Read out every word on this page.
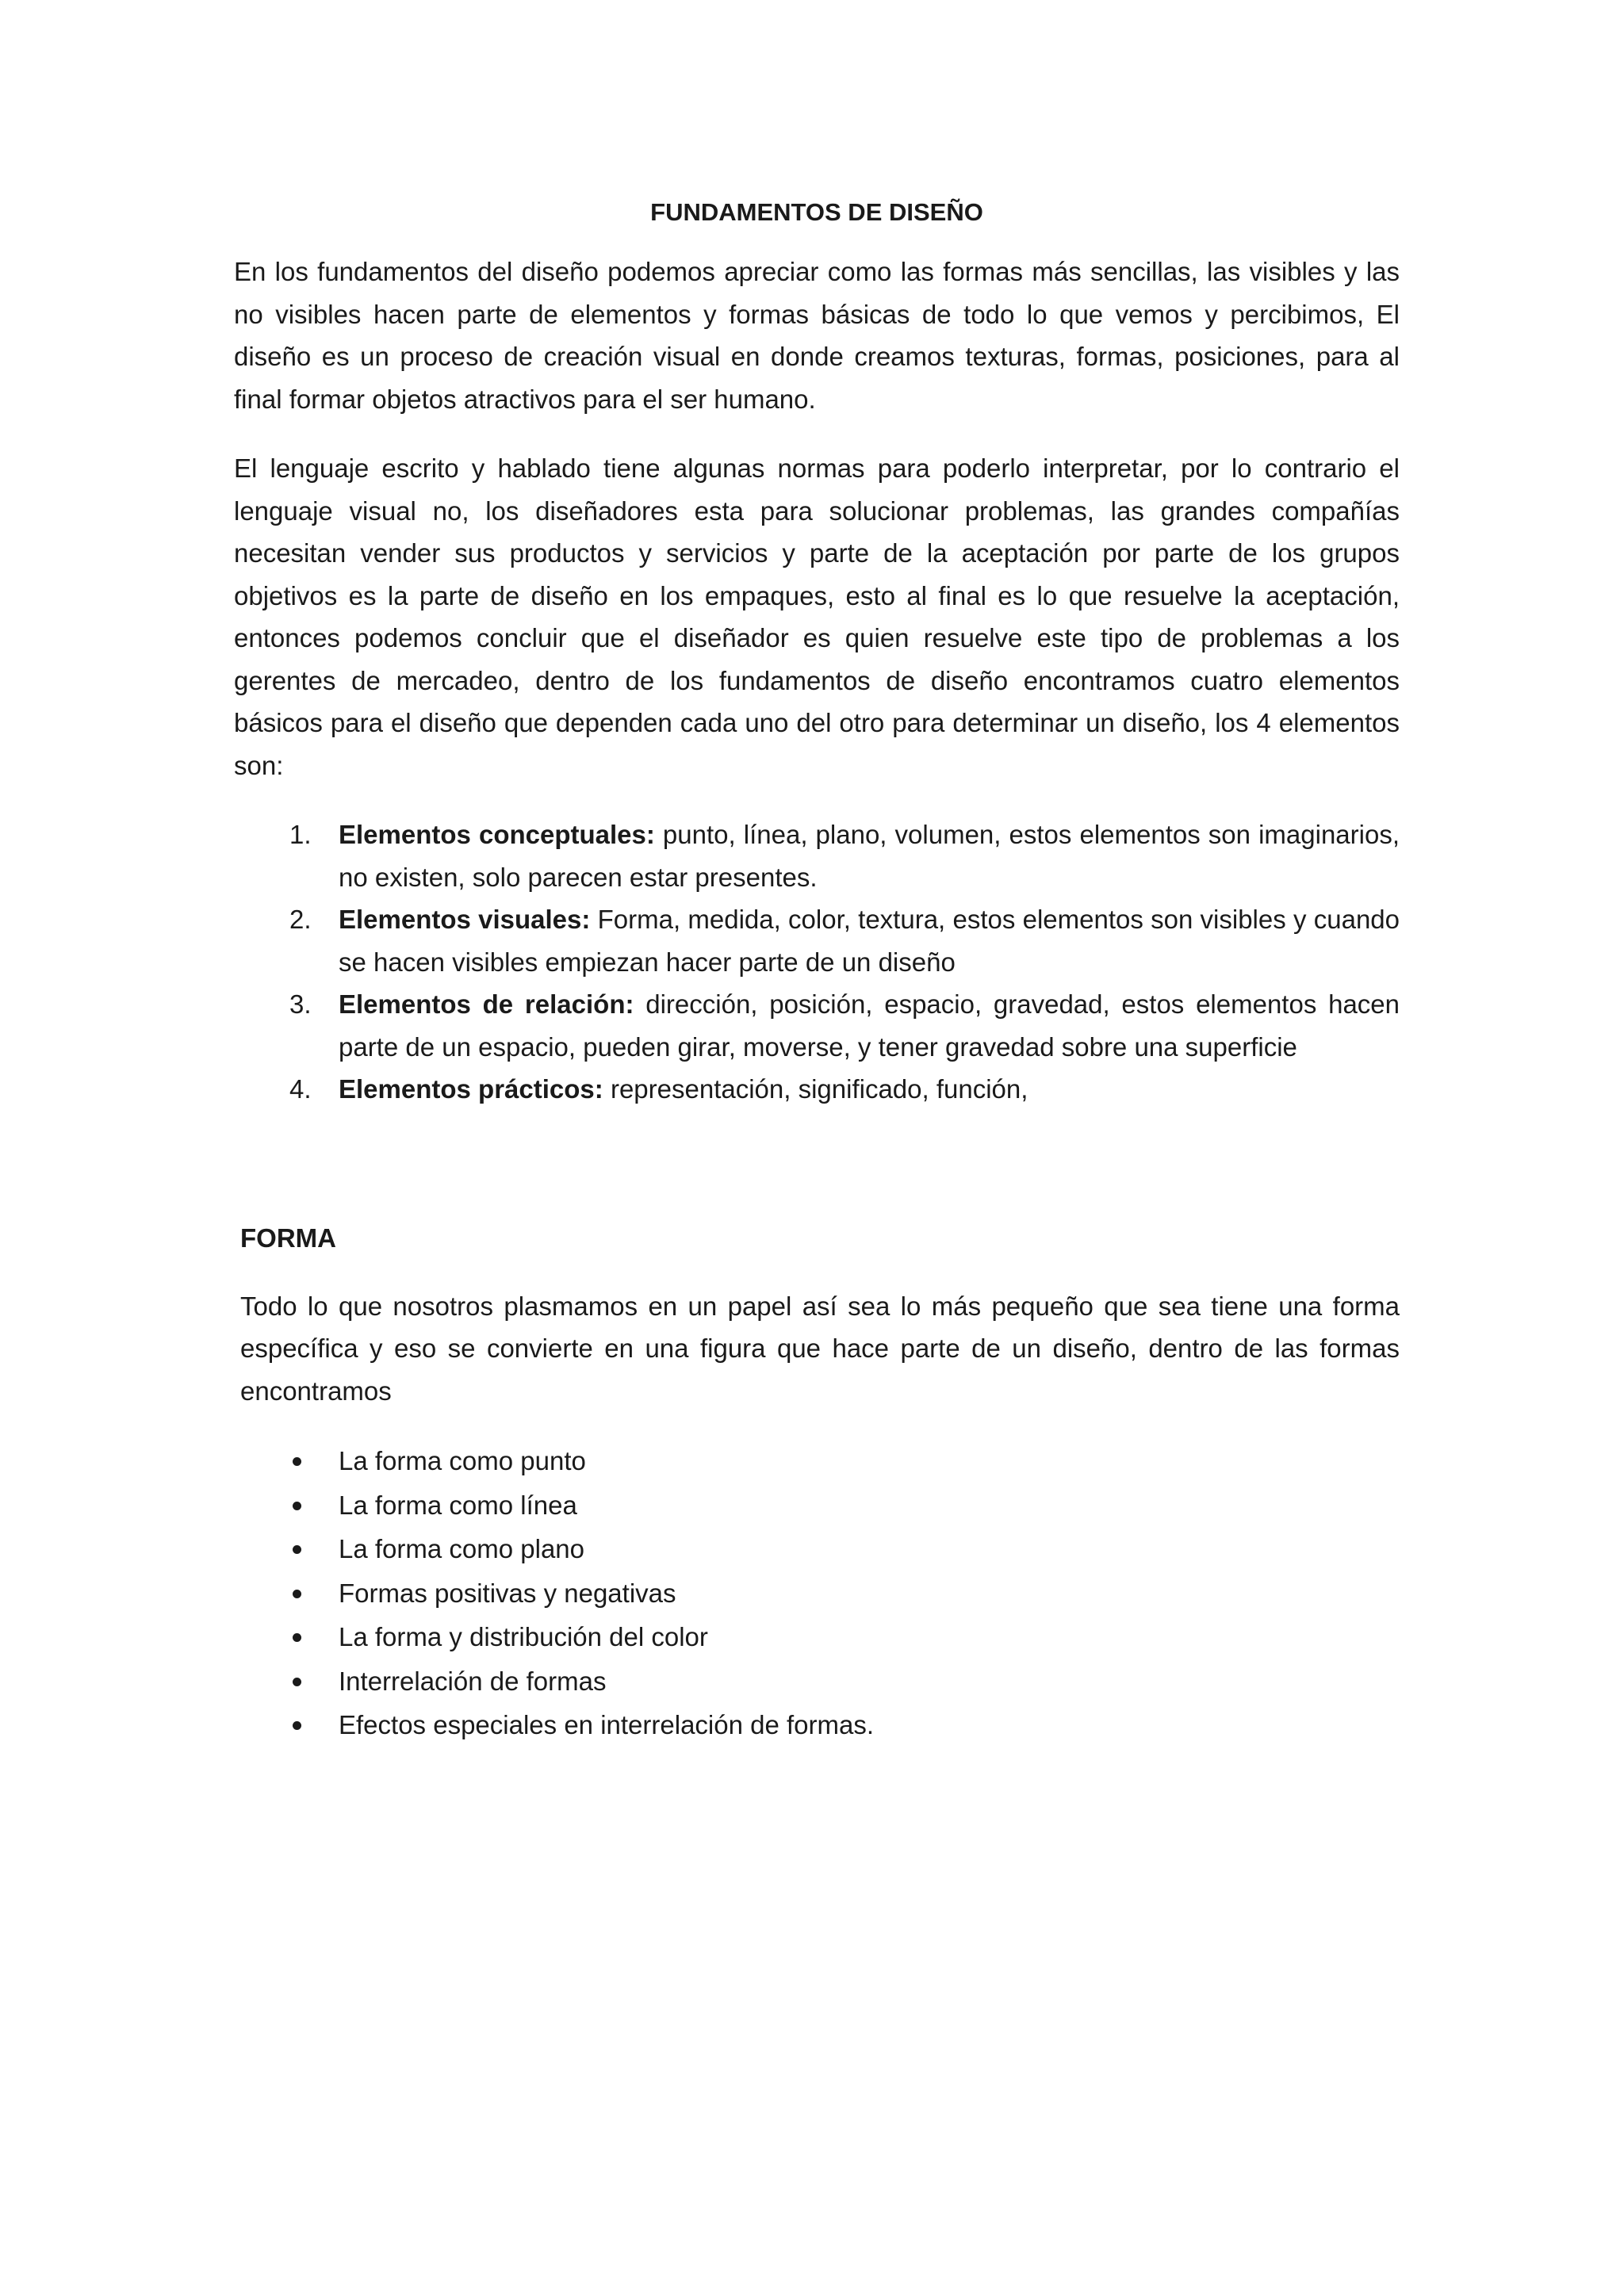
FUNDAMENTOS DE DISEÑO

En los fundamentos del diseño podemos apreciar como las formas más sencillas, las visibles y las no visibles hacen parte de elementos y formas básicas de todo lo que vemos y percibimos, El diseño es un proceso de creación visual en donde creamos texturas, formas, posiciones, para al final formar objetos atractivos para el ser humano.

El lenguaje escrito y hablado tiene algunas normas para poderlo interpretar, por lo contrario el lenguaje visual no, los diseñadores esta para solucionar problemas, las grandes compañías necesitan vender sus productos y servicios y parte de la aceptación por parte de los grupos objetivos es la parte de diseño en los empaques, esto al final es lo que resuelve la aceptación, entonces podemos concluir que el diseñador es quien resuelve este tipo de problemas a los gerentes de mercadeo, dentro de los fundamentos de diseño encontramos cuatro elementos básicos para el diseño que dependen cada uno del otro para determinar un diseño, los 4 elementos son:

1. Elementos conceptuales: punto, línea, plano, volumen, estos elementos son imaginarios, no existen, solo parecen estar presentes.
2. Elementos visuales: Forma, medida, color, textura, estos elementos son visibles y cuando se hacen visibles empiezan hacer parte de un diseño
3. Elementos de relación: dirección, posición, espacio, gravedad, estos elementos hacen parte de un espacio, pueden girar, moverse, y tener gravedad sobre una superficie
4. Elementos prácticos: representación, significado, función,
FORMA

Todo lo que nosotros plasmamos en un papel así sea lo más pequeño que sea tiene una forma específica y eso se convierte en una figura que hace parte de un diseño, dentro de las formas encontramos

La forma como punto
La forma como línea
La forma como plano
Formas positivas y negativas
La forma y distribución del color
Interrelación de formas
Efectos especiales en interrelación de formas.
